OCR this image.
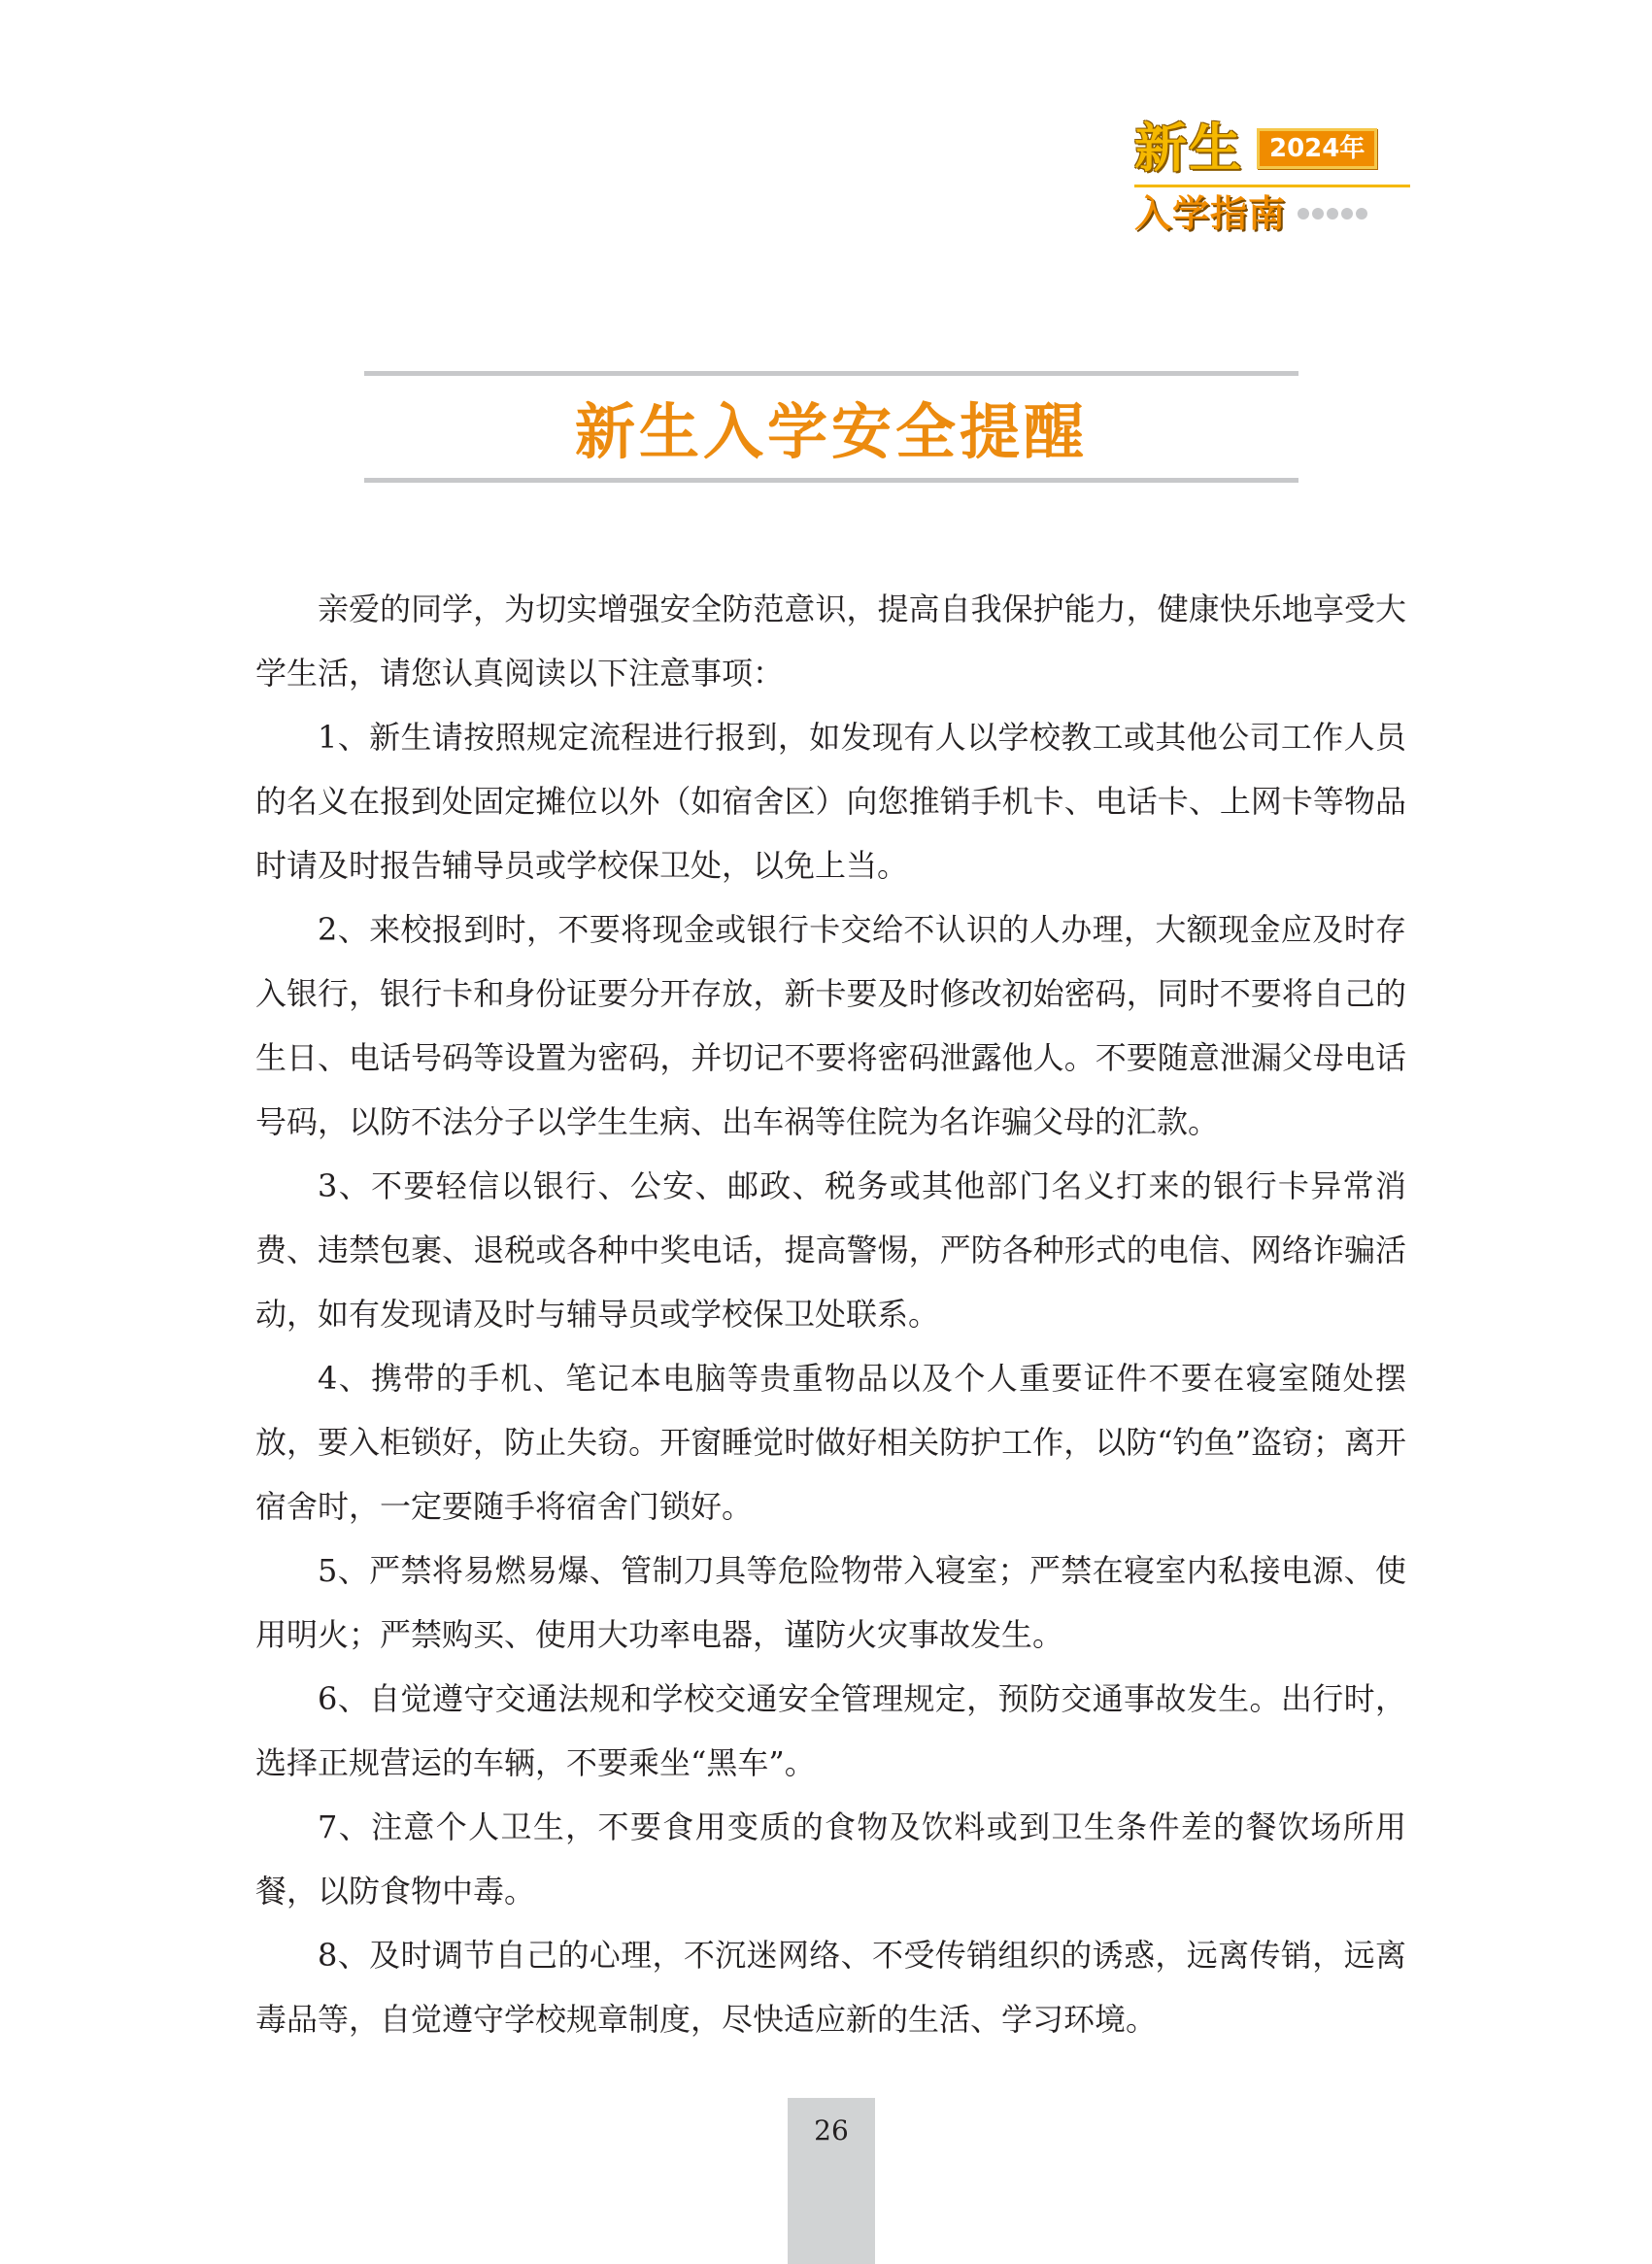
新生	2024年
入学指南
新生入学安全提醒

亲爱的同学，为切实增强安全防范意识，提高自我保护能力，健康快乐地享受大学生活，请您认真阅读以下注意事项：

1、新生请按照规定流程进行报到，如发现有人以学校教工或其他公司工作人员的名义在报到处固定摊位以外（如宿舍区）向您推销手机卡、电话卡、上网卡等物品时请及时报告辅导员或学校保卫处，以免上当。

2、来校报到时，不要将现金或银行卡交给不认识的人办理，大额现金应及时存入银行，银行卡和身份证要分开存放，新卡要及时修改初始密码，同时不要将自己的生日、电话号码等设置为密码，并切记不要将密码泄露他人。不要随意泄漏父母电话号码，以防不法分子以学生生病、出车祸等住院为名诈骗父母的汇款。

3、不要轻信以银行、公安、邮政、税务或其他部门名义打来的银行卡异常消费、违禁包裹、退税或各种中奖电话，提高警惕，严防各种形式的电信、网络诈骗活动，如有发现请及时与辅导员或学校保卫处联系。

4、携带的手机、笔记本电脑等贵重物品以及个人重要证件不要在寝室随处摆放，要入柜锁好，防止失窃。开窗睡觉时做好相关防护工作，以防“钓鱼”盗窃；离开宿舍时，一定要随手将宿舍门锁好。

5、严禁将易燃易爆、管制刀具等危险物带入寝室；严禁在寝室内私接电源、使用明火；严禁购买、使用大功率电器，谨防火灾事故发生。

6、自觉遵守交通法规和学校交通安全管理规定，预防交通事故发生。出行时，选择正规营运的车辆，不要乘坐“黑车”。

7、注意个人卫生，不要食用变质的食物及饮料或到卫生条件差的餐饮场所用餐，以防食物中毒。

8、及时调节自己的心理，不沉迷网络、不受传销组织的诱惑，远离传销，远离毒品等，自觉遵守学校规章制度，尽快适应新的生活、学习环境。

26
